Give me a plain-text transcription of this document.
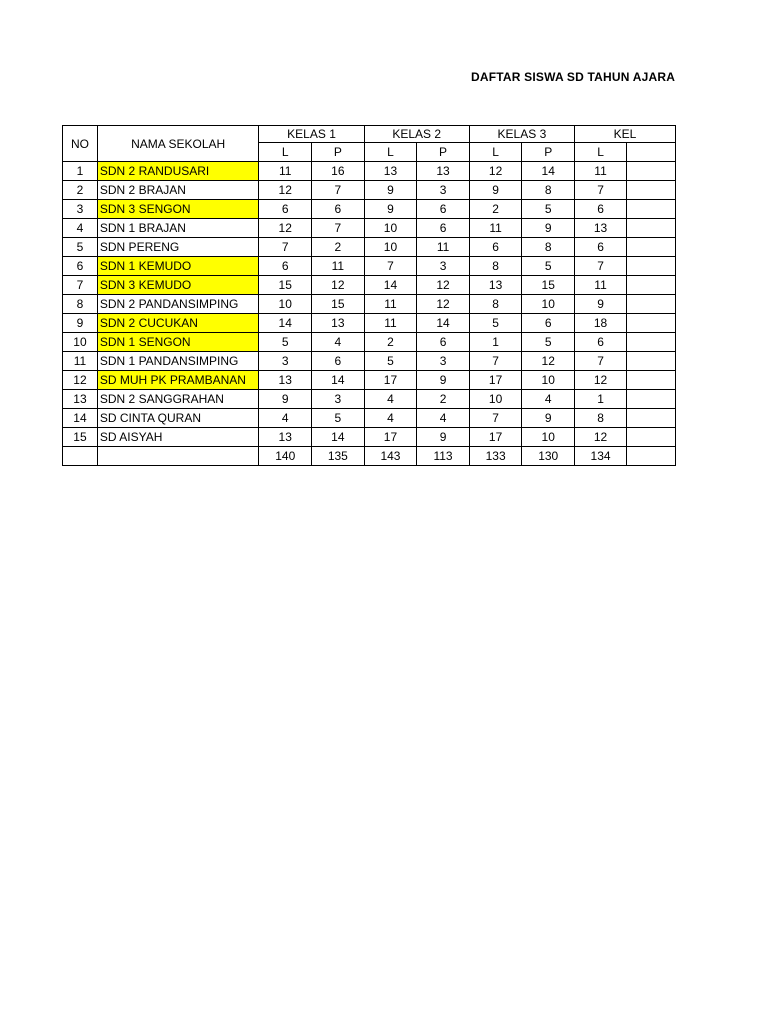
DAFTAR SISWA SD TAHUN AJARA
NO	NAMA SEKOLAH	KELAS 1		KELAS 2		KELAS 3		KEL	
		L	P	L	P	L	P	L	
1	SDN 2 RANDUSARI	11	16	13	13	12	14	11	
2	SDN 2 BRAJAN	12	7	9	3	9	8	7	
3	SDN 3 SENGON	6	6	9	6	2	5	6	
4	SDN 1 BRAJAN	12	7	10	6	11	9	13	
5	SDN PERENG	7	2	10	11	6	8	6	
6	SDN 1 KEMUDO	6	11	7	3	8	5	7	
7	SDN 3 KEMUDO	15	12	14	12	13	15	11	
8	SDN 2 PANDANSIMPING	10	15	11	12	8	10	9	
9	SDN 2 CUCUKAN	14	13	11	14	5	6	18	
10	SDN 1 SENGON	5	4	2	6	1	5	6	
11	SDN 1 PANDANSIMPING	3	6	5	3	7	12	7	
12	SD MUH PK PRAMBANAN	13	14	17	9	17	10	12	
13	SDN 2 SANGGRAHAN	9	3	4	2	10	4	1	
14	SD CINTA QURAN	4	5	4	4	7	9	8	
15	SD AISYAH	13	14	17	9	17	10	12	
		140	135	143	113	133	130	134	
